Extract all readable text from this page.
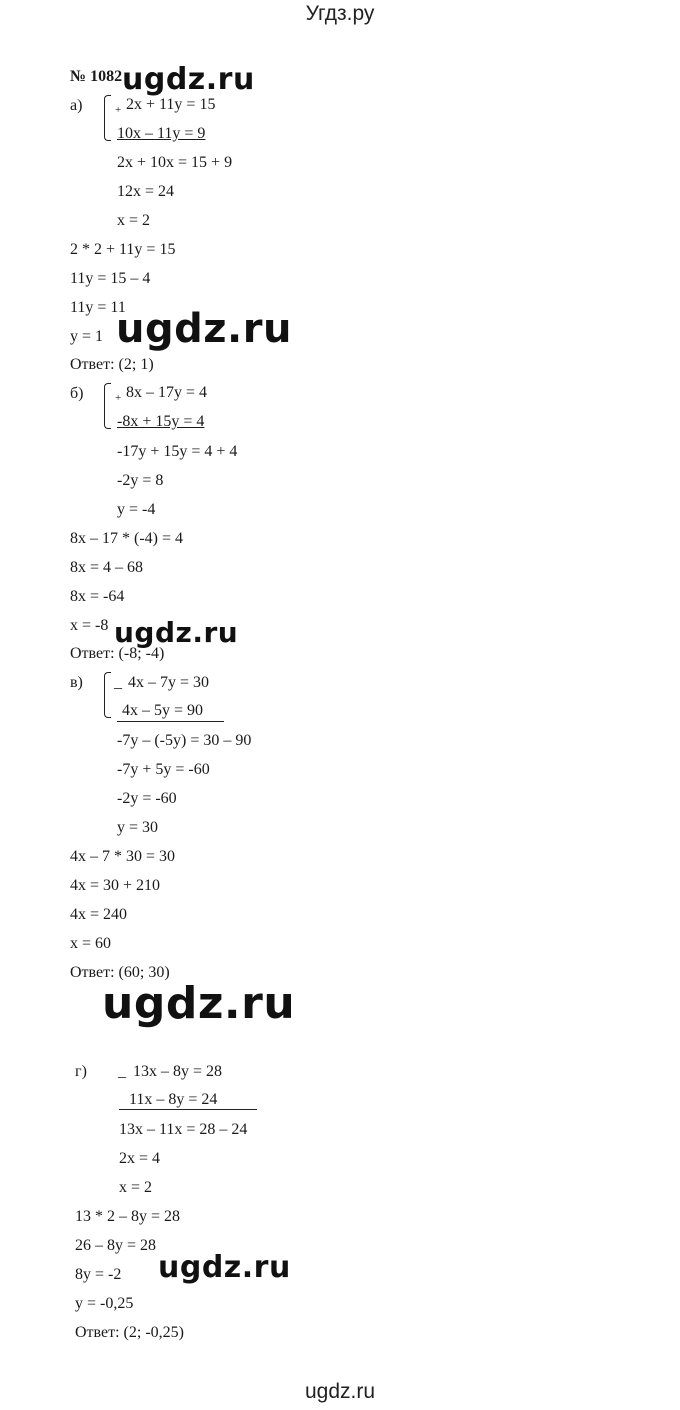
Угдз.ру
№ 1082
а)	+ 2x + 11y = 15
10x – 11y = 9
2x + 10x = 15 + 9
12x = 24
x = 2
2 * 2 + 11y = 15
11y = 15 – 4
11y = 11
y = 1
Ответ: (2; 1)
б)	+ 8x – 17y = 4
-8x + 15y = 4
-17y + 15y = 4 + 4
-2y = 8
y = -4
8x – 17 * (-4) = 4
8x = 4 – 68
8x = -64
x = -8
Ответ: (-8; -4)
в) _ 4x – 7y = 30
4x – 5y = 90
-7y – (-5y) = 30 – 90
-7y + 5y = -60
-2y = -60
y = 30
4x – 7 * 30 = 30
4x = 30 + 210
4x = 240
x = 60
Ответ: (60; 30)
г) _ 13x – 8y = 28
11x – 8y = 24
13x – 11x = 28 – 24
2x = 4
x = 2
13 * 2 – 8y = 28
26 – 8y = 28
8y = -2
y = -0,25
Ответ: (2; -0,25)
ugdz.ru
ugdz.ru
ugdz.ru
ugdz.ru
ugdz.ru
ugdz.ru
